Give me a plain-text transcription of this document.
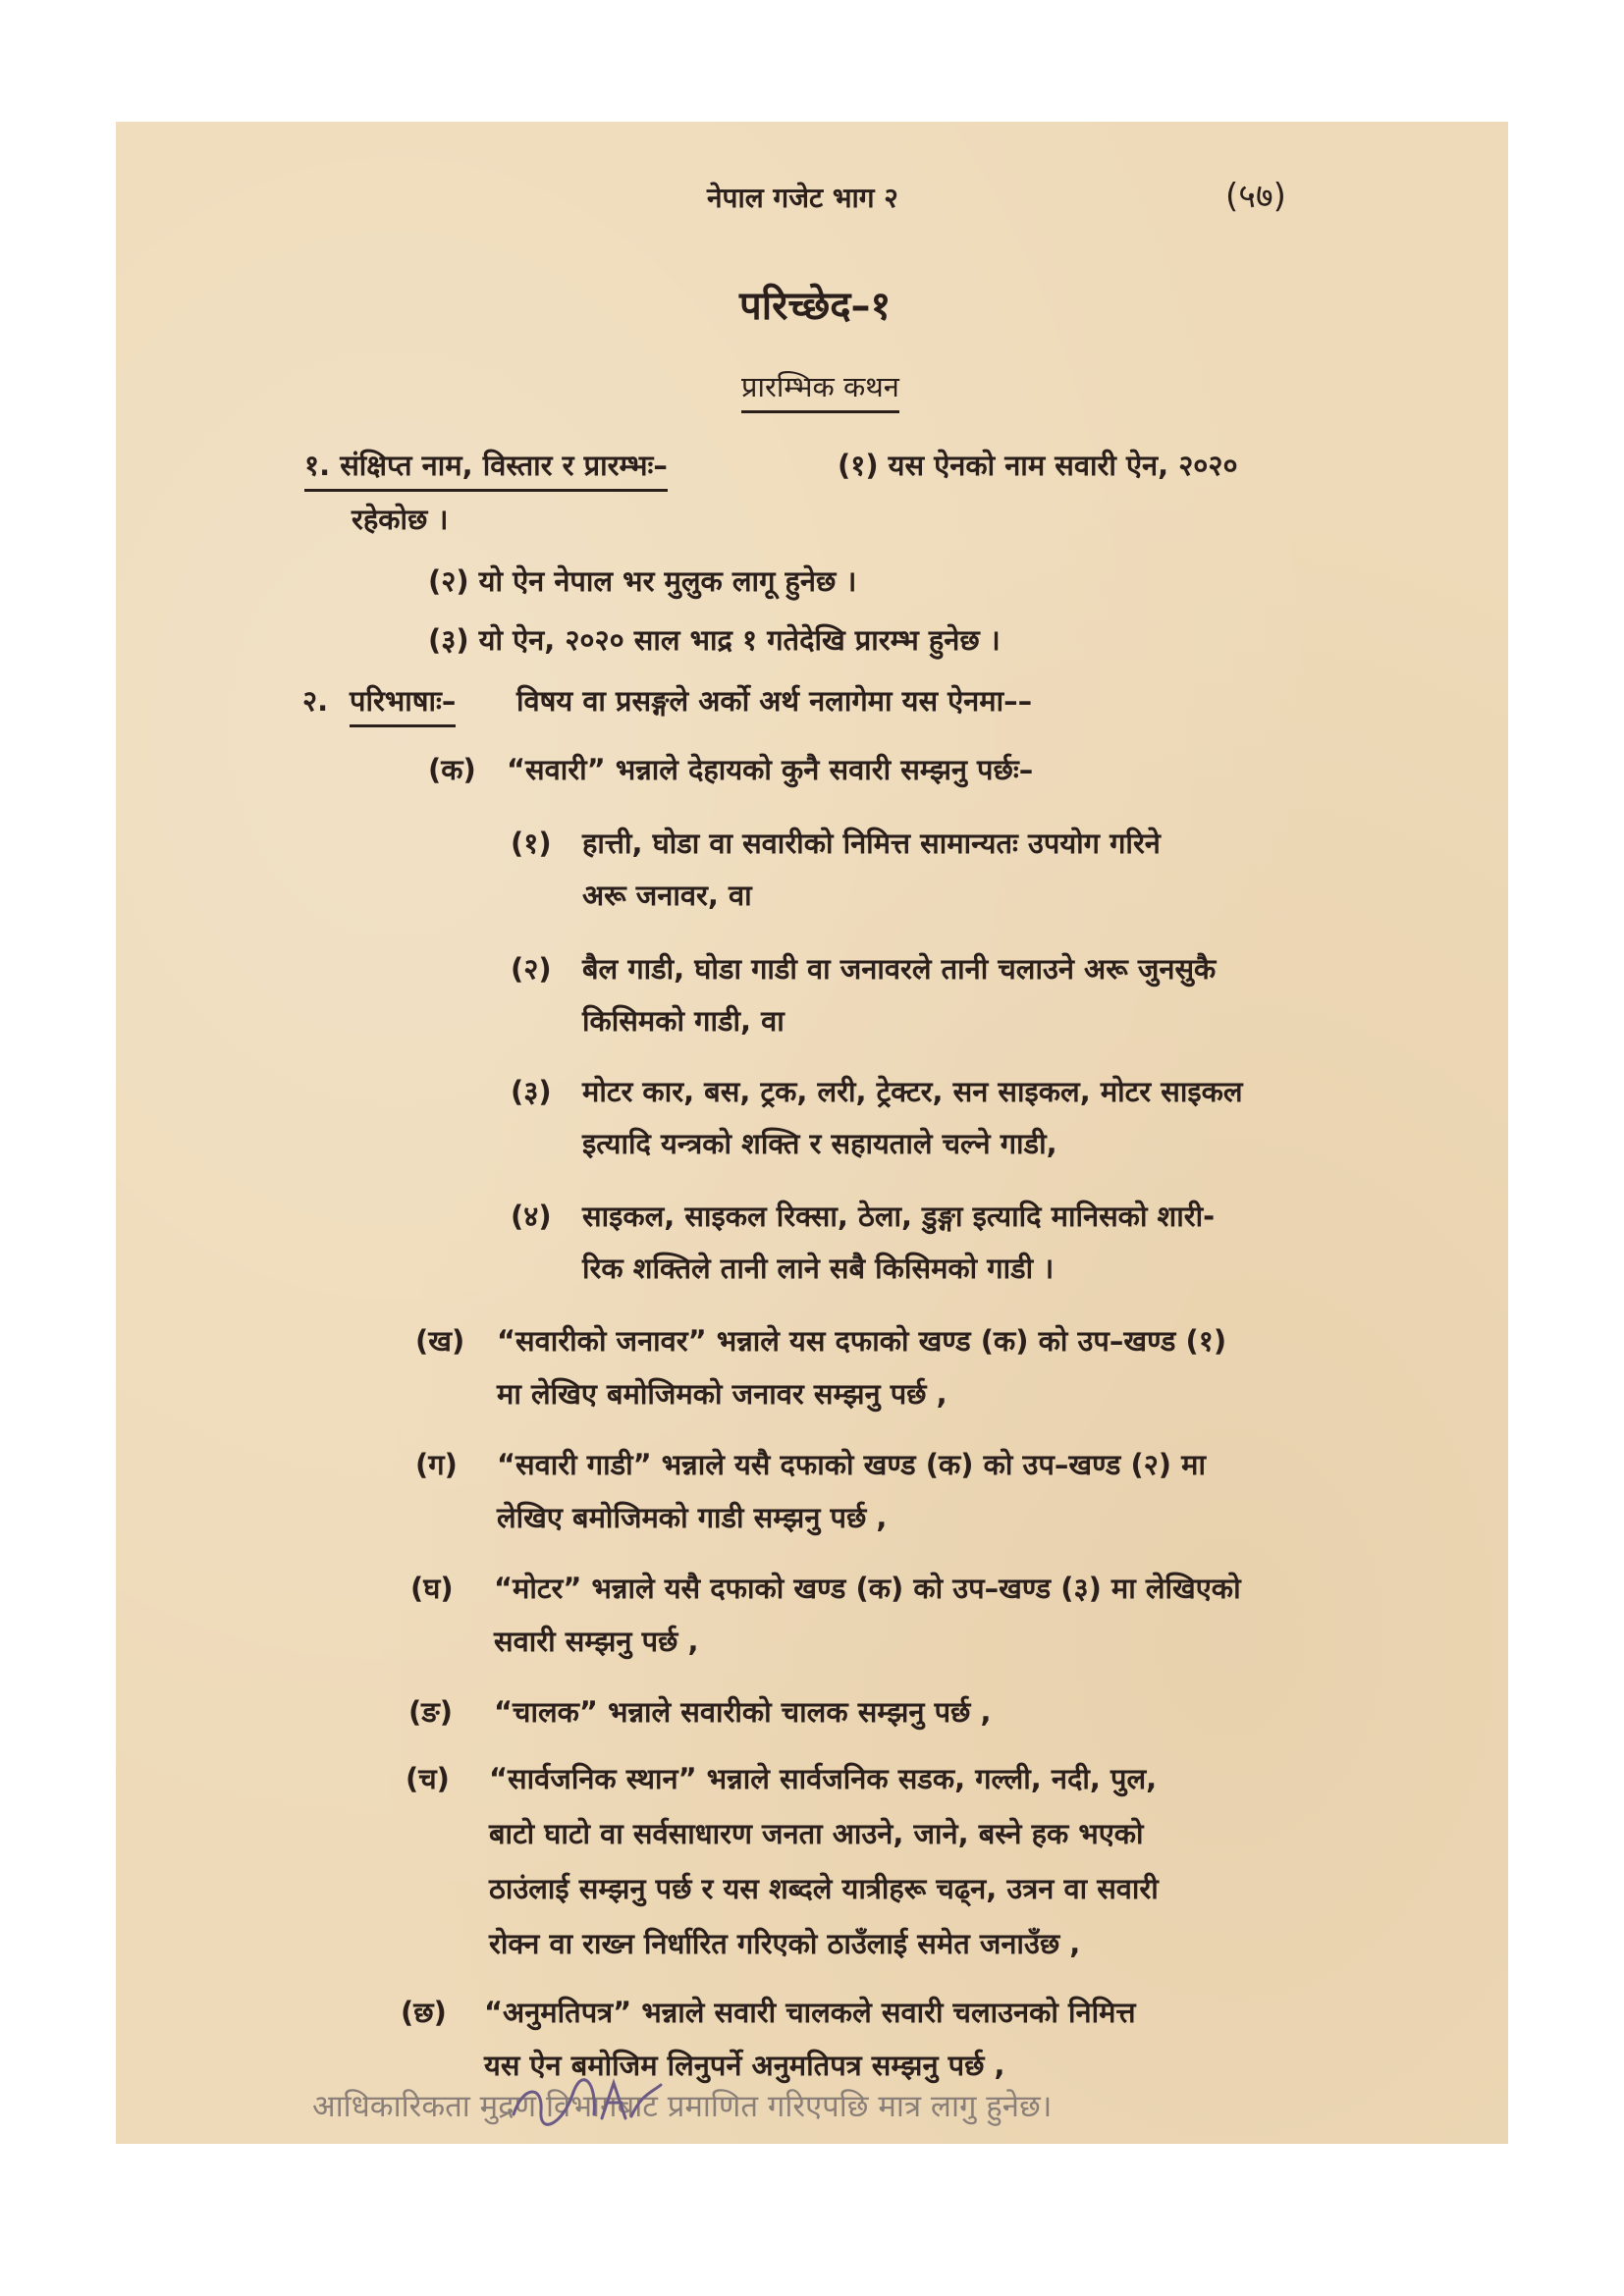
नेपाल गजेट भाग २	(५७)
परिच्छेद–१
प्रारम्भिक कथन
१. संक्षिप्त नाम, विस्तार र प्रारम्भः–	(१) यस ऐनको नाम सवारी ऐन, २०२०
रहेकोछ ।
(२) यो ऐन नेपाल भर मुलुक लागू हुनेछ ।
(३) यो ऐन, २०२० साल भाद्र १ गतेदेखि प्रारम्भ हुनेछ ।
२. परिभाषाः– विषय वा प्रसङ्गले अर्को अर्थ नलागेमा यस ऐनमा––
(क) “सवारी” भन्नाले देहायको कुनै सवारी सम्झनु पर्छः–
(१) हात्ती, घोडा वा सवारीको निमित्त सामान्यतः उपयोग गरिने
अरू जनावर, वा
(२) बैल गाडी, घोडा गाडी वा जनावरले तानी चलाउने अरू जुनसुकै
किसिमको गाडी, वा
(३) मोटर कार, बस, ट्रक, लरी, ट्रेक्टर, सन साइकल, मोटर साइकल
इत्यादि यन्त्रको शक्ति र सहायताले चल्ने गाडी,
(४) साइकल, साइकल रिक्सा, ठेला, डुङ्गा इत्यादि मानिसको शारी-
रिक शक्तिले तानी लाने सबै किसिमको गाडी ।
(ख) “सवारीको जनावर” भन्नाले यस दफाको खण्ड (क) को उप–खण्ड (१)
मा लेखिए बमोजिमको जनावर सम्झनु पर्छ ,
(ग) “सवारी गाडी” भन्नाले यसै दफाको खण्ड (क) को उप–खण्ड (२) मा
लेखिए बमोजिमको गाडी सम्झनु पर्छ ,
(घ) “मोटर” भन्नाले यसै दफाको खण्ड (क) को उप–खण्ड (३) मा लेखिएको
सवारी सम्झनु पर्छ ,
(ङ) “चालक” भन्नाले सवारीको चालक सम्झनु पर्छ ,
(च) “सार्वजनिक स्थान” भन्नाले सार्वजनिक सडक, गल्ली, नदी, पुल,
बाटो घाटो वा सर्वसाधारण जनता आउने, जाने, बस्ने हक भएको
ठाउंलाई सम्झनु पर्छ र यस शब्दले यात्रीहरू चढ्न, उत्रन वा सवारी
रोक्न वा राख्न निर्धारित गरिएको ठाउँलाई समेत जनाउँछ ,
(छ) “अनुमतिपत्र” भन्नाले सवारी चालकले सवारी चलाउनको निमित्त
यस ऐन बमोजिम लिनुपर्ने अनुमतिपत्र सम्झनु पर्छ ,
आधिकारिकता मुद्रण विभागबाट प्रमाणित गरिएपछि मात्र लागु हुनेछ।
